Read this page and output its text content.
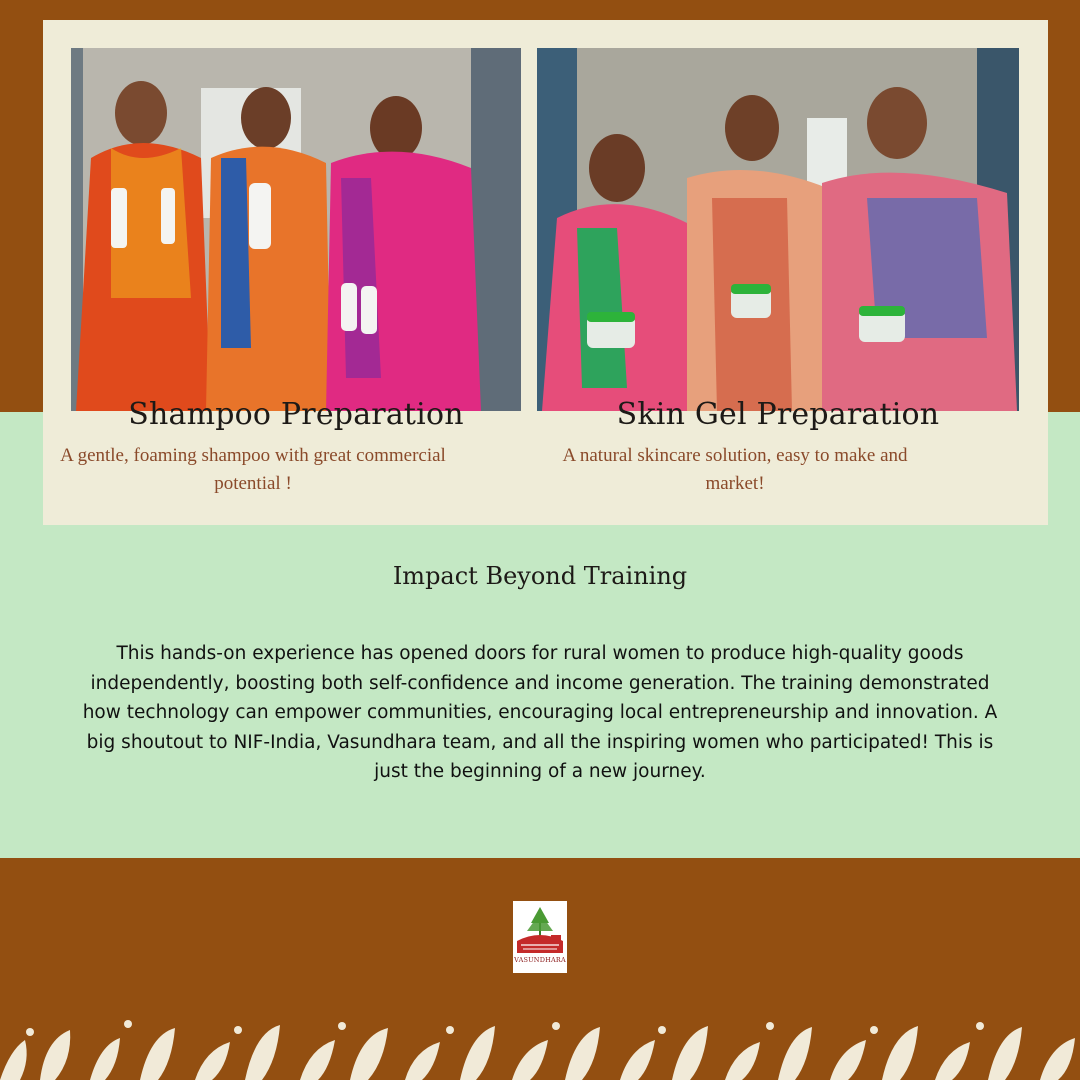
Shampoo Preparation
A gentle, foaming shampoo with great commercial potential !
Skin Gel Preparation
A natural skincare solution, easy to make and market!
Impact Beyond Training
This hands-on experience has opened doors for rural women to produce high-quality goods independently, boosting both self-confidence and income generation. The training demonstrated how technology can empower communities, encouraging local entrepreneurship and innovation. A big shoutout to NIF-India, Vasundhara team, and all the inspiring women who participated! This is just the beginning of a new journey.
VASUNDHARA
